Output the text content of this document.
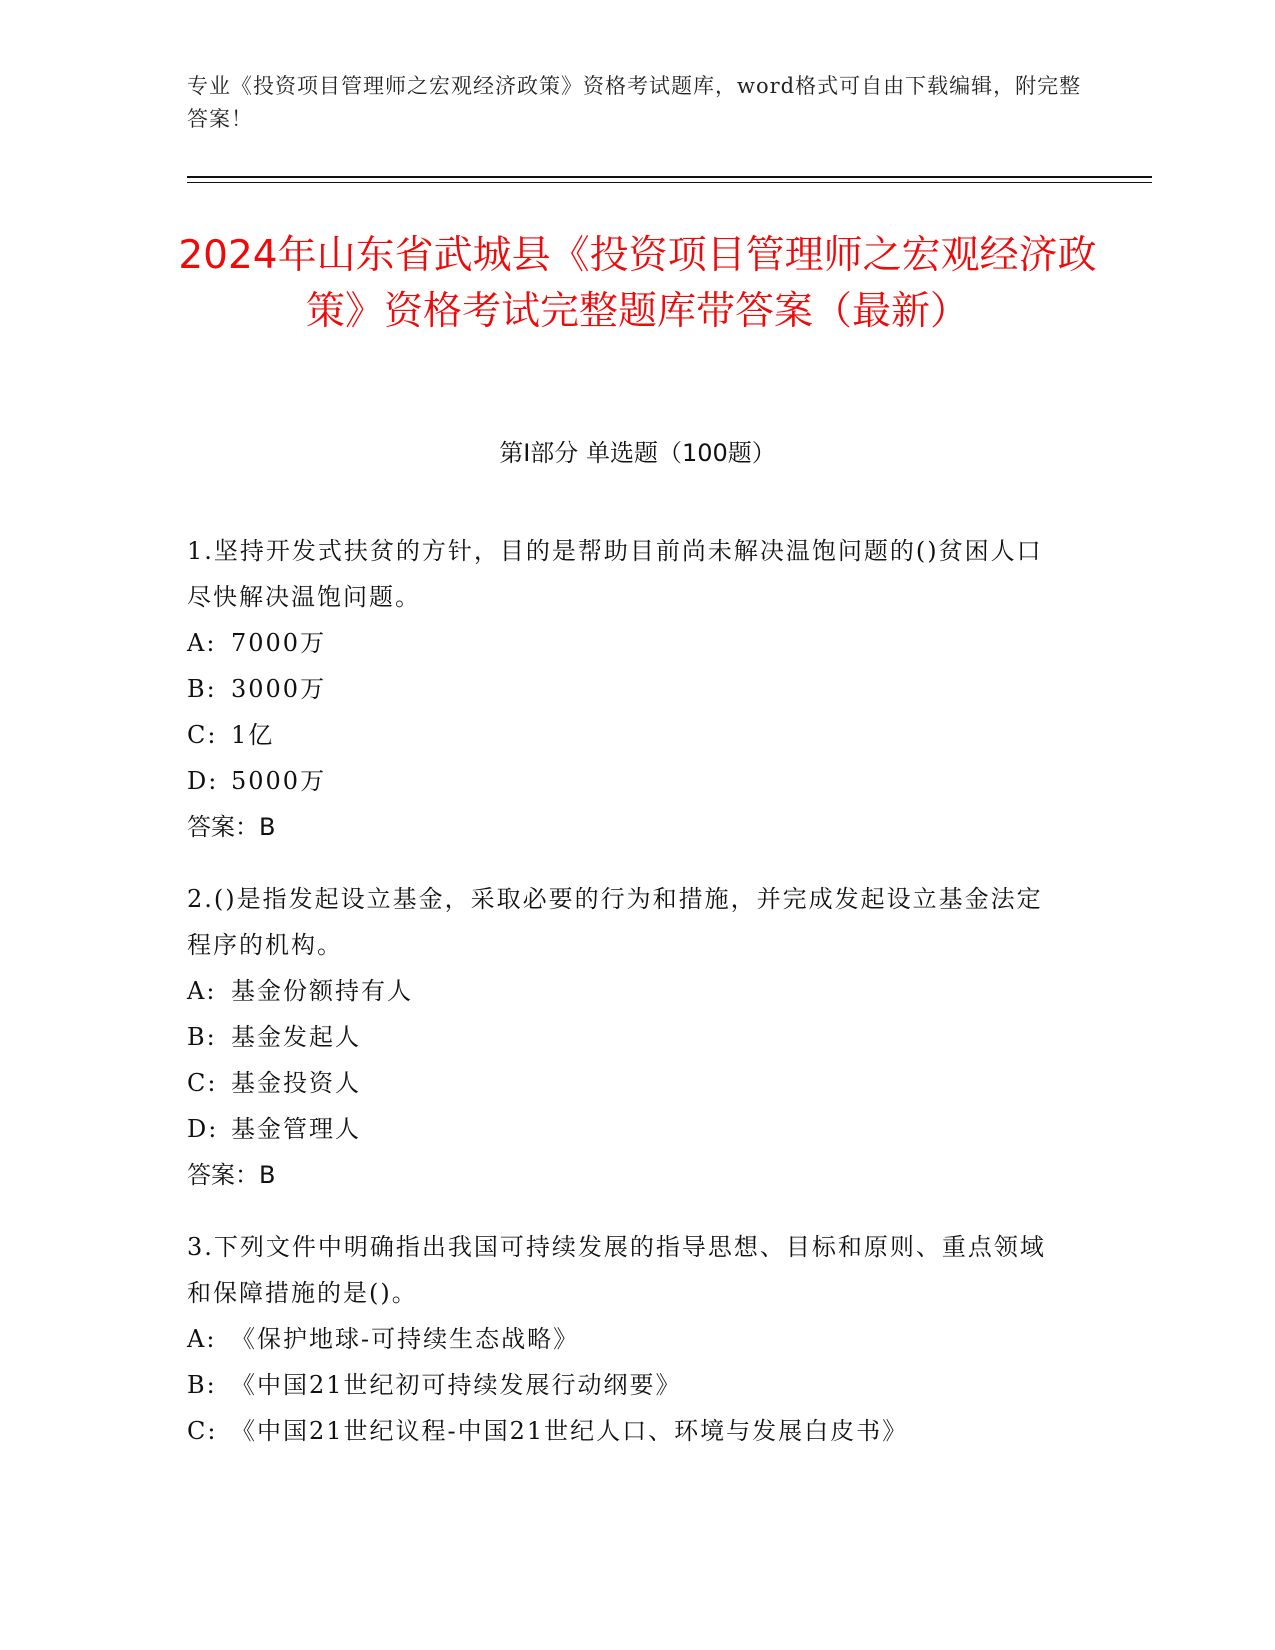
专业《投资项目管理师之宏观经济政策》资格考试题库，word格式可自由下载编辑，附完整答案！
2024年山东省武城县《投资项目管理师之宏观经济政策》资格考试完整题库带答案（最新）
第I部分 单选题（100题）

1.坚持开发式扶贫的方针，目的是帮助目前尚未解决温饱问题的()贫困人口尽快解决温饱问题。

A: 7000万

B: 3000万

C: 1亿

D: 5000万

答案：B

2.()是指发起设立基金，采取必要的行为和措施，并完成发起设立基金法定程序的机构。

A: 基金份额持有人

B: 基金发起人

C: 基金投资人

D: 基金管理人

答案：B

3.下列文件中明确指出我国可持续发展的指导思想、目标和原则、重点领域和保障措施的是()。

A: 《保护地球-可持续生态战略》

B: 《中国21世纪初可持续发展行动纲要》

C: 《中国21世纪议程-中国21世纪人口、环境与发展白皮书》
